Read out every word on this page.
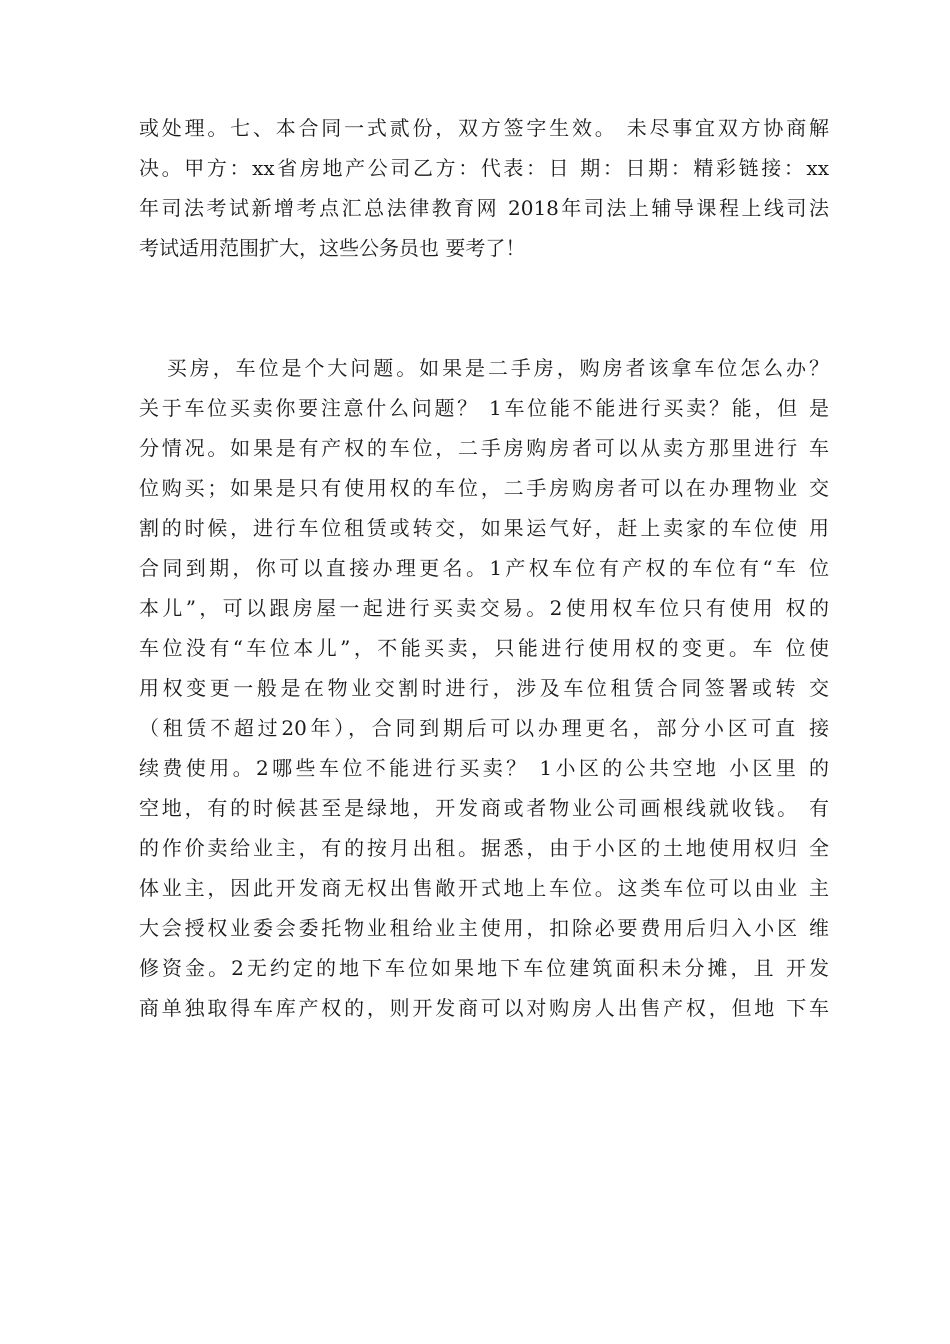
或处理。七、本合同一式贰份，双方签字生效。 未尽事宜双方协商解
决。甲方：xx省房地产公司乙方：代表：日 期：日期：精彩链接：xx
年司法考试新增考点汇总法律教育网 2018年司法上辅导课程上线司法
考试适用范围扩大，这些公务员也 要考了！
买房，车位是个大问题。如果是二手房，购房者该拿车位怎么办？
关于车位买卖你要注意什么问题？ 1车位能不能进行买卖？能，但 是
分情况。如果是有产权的车位，二手房购房者可以从卖方那里进行 车
位购买；如果是只有使用权的车位，二手房购房者可以在办理物业 交
割的时候，进行车位租赁或转交，如果运气好，赶上卖家的车位使 用
合同到期，你可以直接办理更名。1产权车位有产权的车位有“车 位
本儿”，可以跟房屋一起进行买卖交易。2使用权车位只有使用 权的
车位没有“车位本儿”，不能买卖，只能进行使用权的变更。车 位使
用权变更一般是在物业交割时进行，涉及车位租赁合同签署或转 交
（租赁不超过20年），合同到期后可以办理更名，部分小区可直 接
续费使用。2哪些车位不能进行买卖？ 1小区的公共空地 小区里 的
空地，有的时候甚至是绿地，开发商或者物业公司画根线就收钱。 有
的作价卖给业主，有的按月出租。据悉，由于小区的土地使用权归 全
体业主，因此开发商无权出售敞开式地上车位。这类车位可以由业 主
大会授权业委会委托物业租给业主使用，扣除必要费用后归入小区 维
修资金。2无约定的地下车位如果地下车位建筑面积未分摊，且 开发
商单独取得车库产权的，则开发商可以对购房人出售产权，但地 下车
